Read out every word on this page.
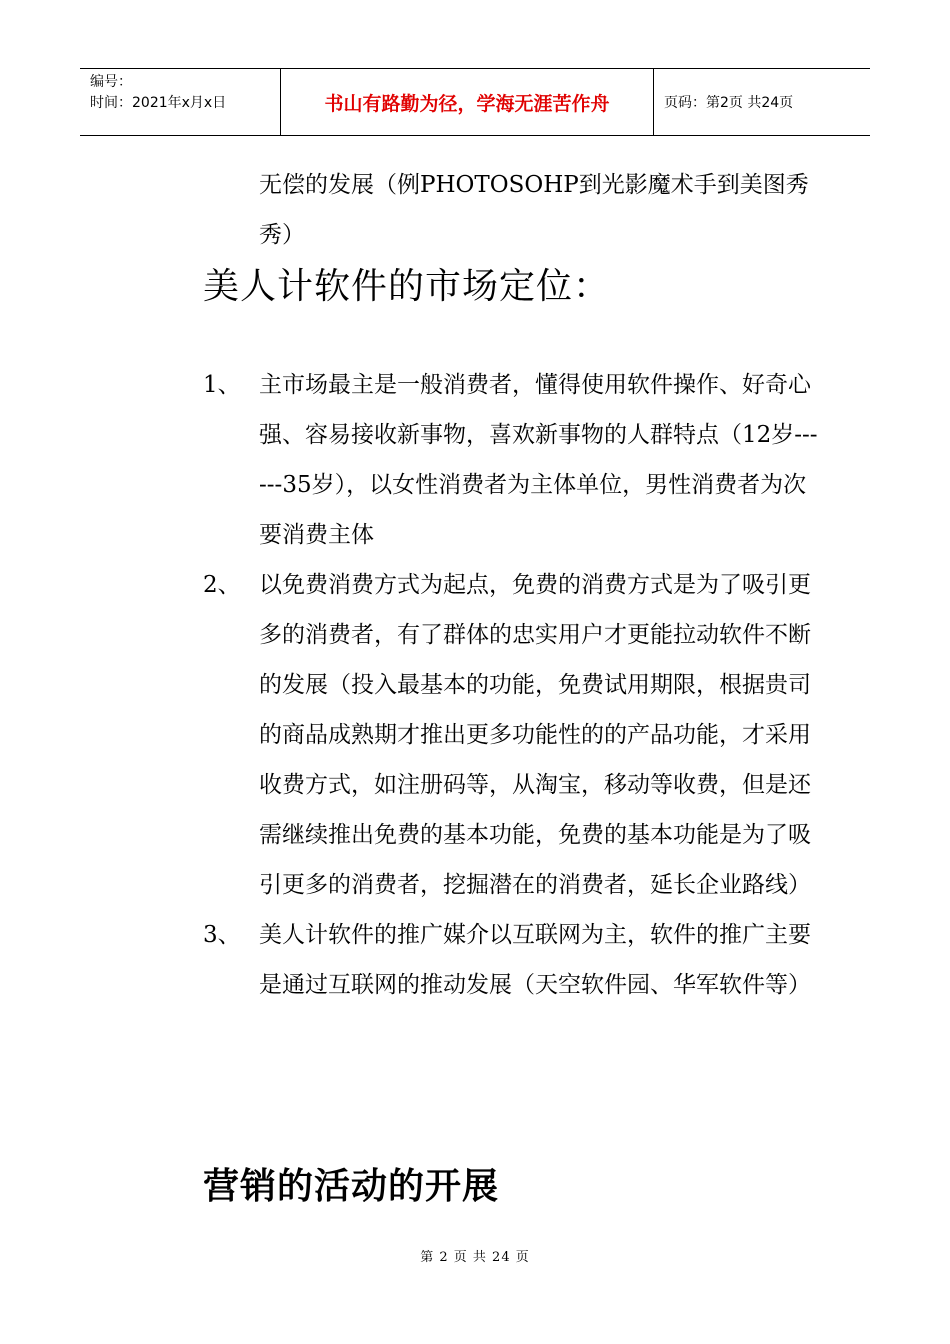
编号：
时间：2021年x月x日	书山有路勤为径，学海无涯苦作舟	页码：第2页 共24页
无偿的发展（例PHOTOSOHP到光影魔术手到美图秀秀）
美人计软件的市场定位：
1、 主市场最主是一般消费者，懂得使用软件操作、好奇心强、容易接收新事物，喜欢新事物的人群特点（12岁------35岁），以女性消费者为主体单位，男性消费者为次要消费主体
2、 以免费消费方式为起点，免费的消费方式是为了吸引更多的消费者，有了群体的忠实用户才更能拉动软件不断的发展（投入最基本的功能，免费试用期限，根据贵司的商品成熟期才推出更多功能性的的产品功能，才采用收费方式，如注册码等，从淘宝，移动等收费，但是还需继续推出免费的基本功能，免费的基本功能是为了吸引更多的消费者，挖掘潜在的消费者，延长企业路线）
3、 美人计软件的推广媒介以互联网为主，软件的推广主要是通过互联网的推动发展（天空软件园、华军软件等）
营销的活动的开展
第 2 页 共 24 页
